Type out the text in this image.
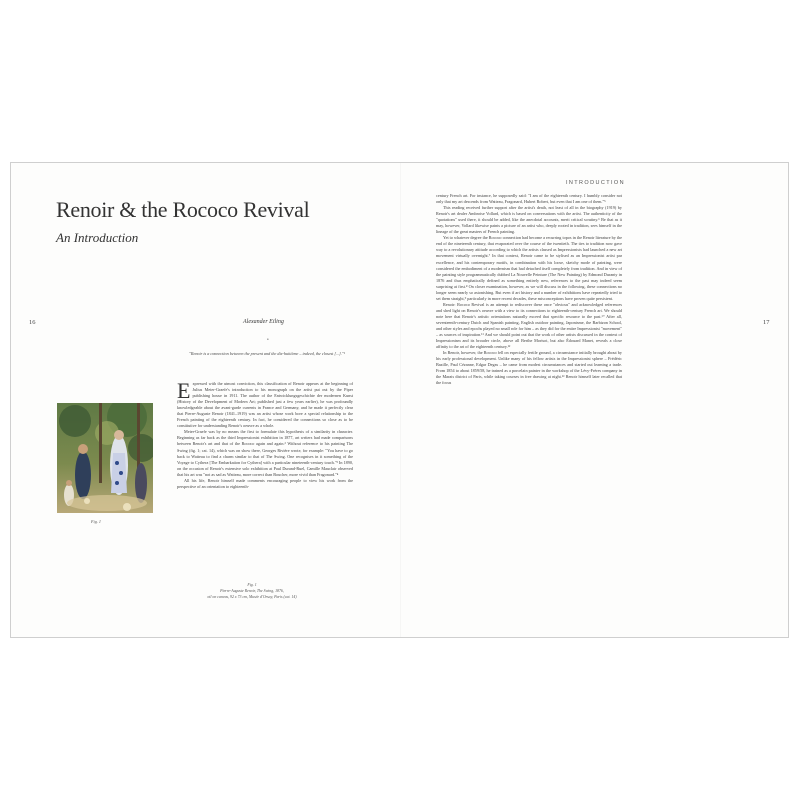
INTRODUCTION
Renoir & the Rococo Revival
An Introduction
16	17
Alexander Eiling
•
"Renoir is a connection between the present and the dix-huitième – indeed, the closest [...]."¹
Fig. 1

Expressed with the utmost conviction, this classification of Renoir appears at the beginning of Julius Meier-Graefe's introduction to his monograph on the artist put out by the Piper publishing house in 1911. The author of the Entwicklungsgeschichte der modernen Kunst (History of the Development of Modern Art; published just a few years earlier), he was profoundly knowledgeable about the avant-garde currents in France and Germany, and he made it perfectly clear that Pierre-Auguste Renoir (1841–1919) was an artist whose work bore a special relationship to the French painting of the eighteenth century. In fact, he considered the connections so close as to be constitutive for understanding Renoir's oeuvre as a whole.

Meier-Graefe was by no means the first to formulate this hypothesis of a similarity in character. Beginning as far back as the third Impressionist exhibition in 1877, art writers had made comparisons between Renoir's art and that of the Rococo again and again.² Without reference to his painting The Swing (fig. 1; cat. 14), which was on show there, Georges Rivière wrote, for example: "You have to go back to Watteau to find a charm similar to that of The Swing. One recognises in it something of the Voyage to Cythera [The Embarkation for Cythera] with a particular nineteenth-century touch."³ In 1890, on the occasion of Renoir's extensive solo exhibition at Paul Durand-Ruel, Camille Mauclair observed that his art was "not as sad as Watteau, more correct than Boucher, more vivid than Fragonard."⁴

All his life, Renoir himself made comments encouraging people to view his work from the perspective of an orientation to eighteenth-

Fig. 1
Pierre-Auguste Renoir, The Swing, 1876,
oil on canvas, 92 x 73 cm, Musée d'Orsay, Paris (cat. 14)

century French art. For instance, he supposedly said: "I am of the eighteenth century. I humbly consider not only that my art descends from Watteau, Fragonard, Hubert Robert, but even that I am one of them."⁵

This reading received further support after the artist's death, not least of all in the biography (1919) by Renoir's art dealer Ambroise Vollard, which is based on conversations with the artist. The authenticity of the "quotations" used there, it should be added, like the anecdotal accounts, merit critical scrutiny.⁶ Be that as it may, however, Vollard likewise paints a picture of an artist who, deeply rooted in tradition, sees himself in the lineage of the great masters of French painting.

Yet to whatever degree the Rococo connection had become a recurring topos in the Renoir literature by the end of the nineteenth century, that evaporated over the course of the twentieth. The ties to tradition now gave way to a revolutionary attitude according to which the artists classed as Impressionists had launched a new art movement virtually overnight.⁷ In that context, Renoir came to be stylised as an Impressionist artist par excellence, and his contemporary motifs, in combination with his loose, sketchy mode of painting, were considered the embodiment of a modernism that had detached itself completely from tradition. And in view of the painting style programmatically dubbed La Nouvelle Peinture (The New Painting) by Edmond Duranty in 1876 and thus emphatically defined as something entirely new, references to the past may indeed seem surprising at first.⁸ On closer examination, however, as we will discuss in the following, these connections no longer seem nearly so astonishing. But even if art history and a number of exhibitions have repeatedly tried to set them straight,⁹ particularly in more recent decades, these misconceptions have proven quite persistent.

Renoir: Rococo Revival is an attempt to rediscover these once "obvious" and acknowledged references and shed light on Renoir's oeuvre with a view to its connections to eighteenth-century French art. We should note here that Renoir's artistic orientations naturally exceed that specific resource to the past.¹⁰ After all, seventeenth-century Dutch and Spanish painting, English outdoor painting, Japonisme, the Barbizon School, and other styles and epochs played no small role for him – as they did for the entire Impressionist "movement" – as sources of inspiration.¹¹ And we should point out that the work of other artists discussed in the context of Impressionism and its broader circle, above all Berthe Morisot, but also Édouard Manet, reveals a close affinity to the art of the eighteenth century.¹²

In Renoir, however, the Rococo fell on especially fertile ground, a circumstance initially brought about by his early professional development. Unlike many of his fellow artists in the Impressionist sphere – Frédéric Bazille, Paul Cézanne, Edgar Degas – he came from modest circumstances and started out learning a trade. From 1854 to about 1859/58, he trained as a porcelain painter in the workshop of the Lévy-Frères company in the Marais district of Paris, while taking courses in free drawing at night.¹³ Renoir himself later recalled that the focus
